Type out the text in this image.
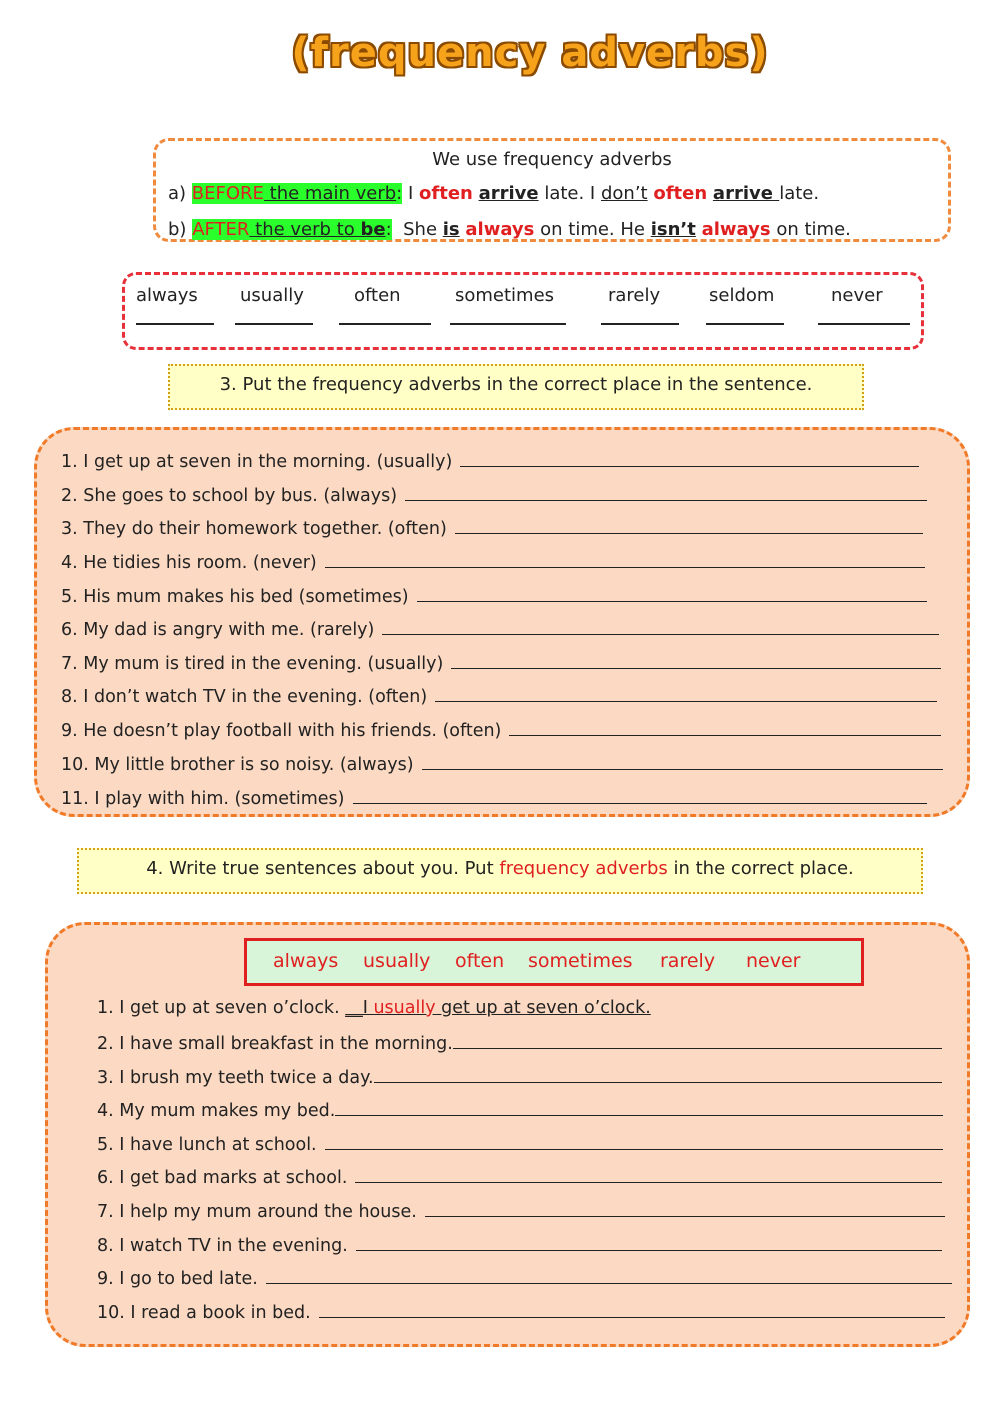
(frequency adverbs)
We use frequency adverbs
a) BEFORE the main verb: I often arrive late. I don’t often arrive late.
b) AFTER the verb to be: She is always on time. He isn’t always on time.
always usually	often	sometimes	rarely	seldom	never
3. Put the frequency adverbs in the correct place in the sentence.
1. I get up at seven in the morning. (usually)
2. She goes to school by bus. (always)
3. They do their homework together. (often)
4. He tidies his room. (never)
5. His mum makes his bed (sometimes)
6. My dad is angry with me. (rarely)
7. My mum is tired in the evening. (usually)
8. I don’t watch TV in the evening. (often)
9. He doesn’t play football with his friends. (often)
10. My little brother is so noisy. (always)
11. I play with him. (sometimes)
4. Write true sentences about you. Put frequency adverbs in the correct place.
always usually often sometimes rarely never
1. I get up at seven o’clock.
__I usually get up at seven o’clock.
2. I have small breakfast in the morning.
3. I brush my teeth twice a day.
4. My mum makes my bed.
5. I have lunch at school.
6. I get bad marks at school.
7. I help my mum around the house.
8. I watch TV in the evening.
9. I go to bed late.
10. I read a book in bed.
